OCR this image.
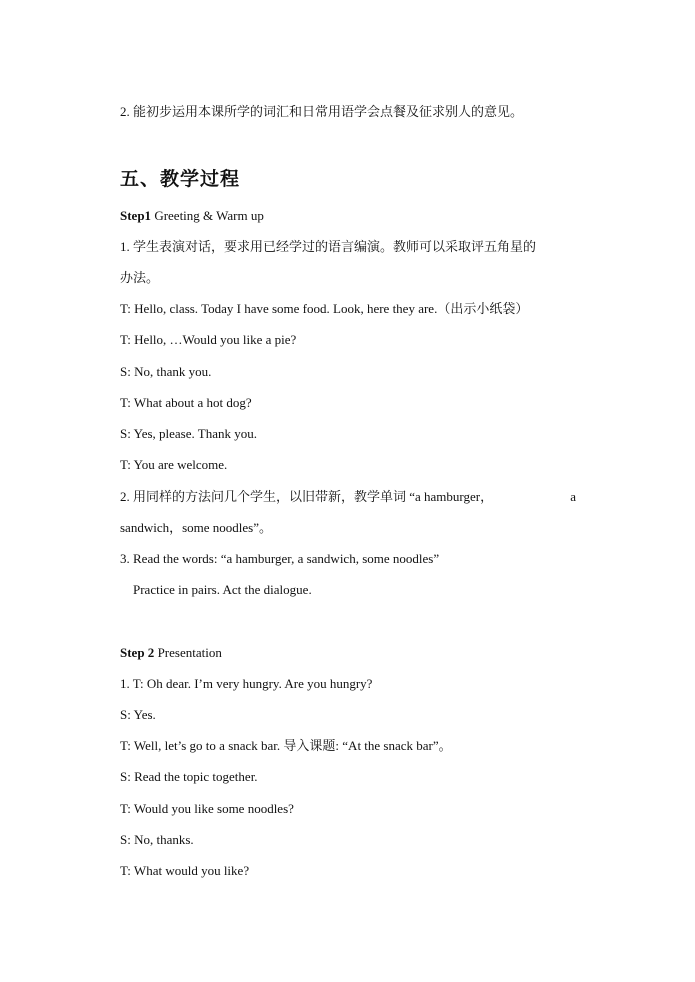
2. 能初步运用本课所学的词汇和日常用语学会点餐及征求别人的意见。
五、教学过程
Step1 Greeting & Warm up
1. 学生表演对话，要求用已经学过的语言编演。教师可以采取评五角星的
办法。
T: Hello, class. Today I have some food. Look, here they are.（出示小纸袋）
T: Hello, …Would you like a pie?
S: No, thank you.
T: What about a hot dog?
S: Yes, please. Thank you.
T: You are welcome.
2. 用同样的方法问几个学生，以旧带新，教学单词 “a hamburger，	a
sandwich，some noodles”。
3. Read the words: “a hamburger, a sandwich, some noodles”
Practice in pairs. Act the dialogue.
Step 2 Presentation
1. T: Oh dear. I’m very hungry. Are you hungry?
S: Yes.
T: Well, let’s go to a snack bar. 导入课题: “At the snack bar”。
S: Read the topic together.
T: Would you like some noodles?
S: No, thanks.
T: What would you like?
